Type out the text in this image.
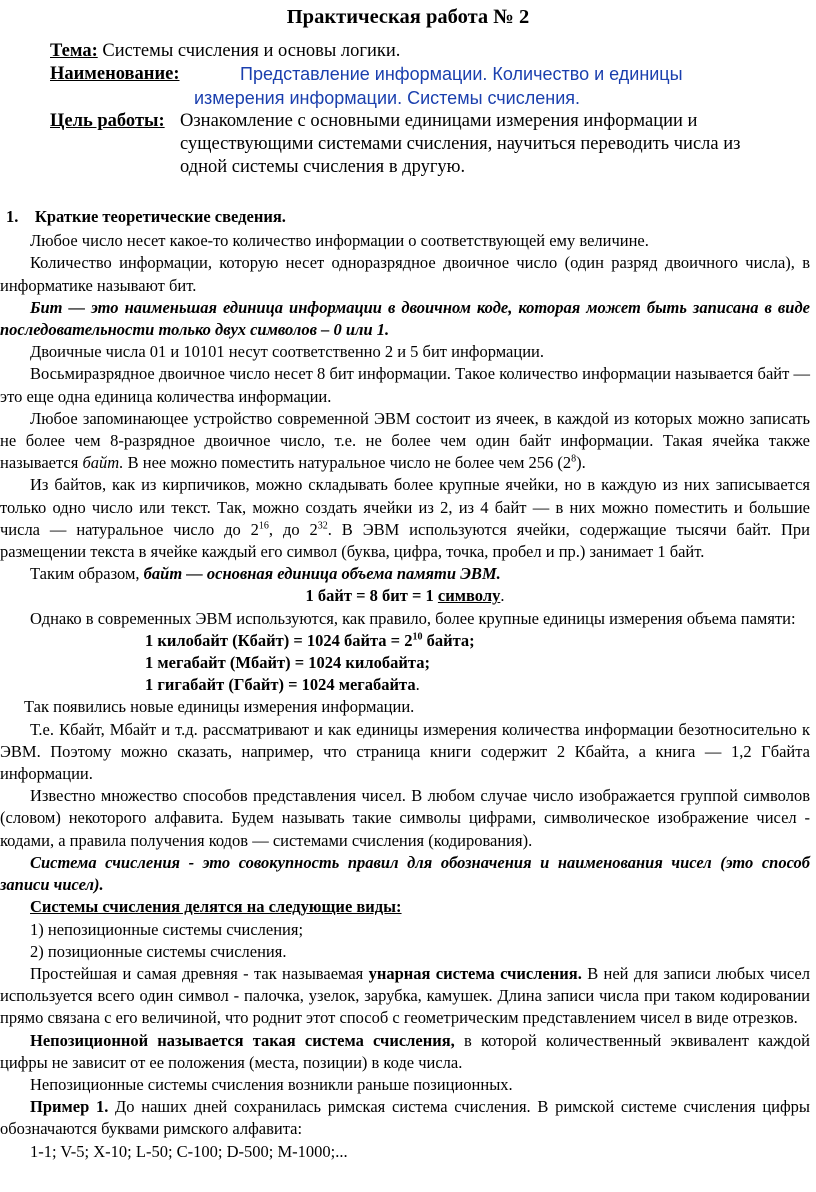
Практическая работа № 2
Тема: Системы счисления и основы логики.
Наименование:	Представление информации. Количество и единицы
измерения информации. Системы счисления.
Цель работы: Ознакомление с основными единицами измерения информации и
существующими системами счисления, научиться переводить числа из
одной системы счисления в другую.

1. Краткие теоретические сведения.

Любое число несет какое-то количество информации о соответствующей ему величине.

Количество информации, которую несет одноразрядное двоичное число (один разряд двоичного числа), в информатике называют бит.

Бит — это наименьшая единица информации в двоичном коде, которая может быть записана в виде последовательности только двух символов – 0 или 1.

Двоичные числа 01 и 10101 несут соответственно 2 и 5 бит информации.

Восьмиразрядное двоичное число несет 8 бит информации. Такое количество информации называется байт — это еще одна единица количества информации.

Любое запоминающее устройство современной ЭВМ состоит из ячеек, в каждой из которых можно записать не более чем 8-разрядное двоичное число, т.е. не более чем один байт информации. Такая ячейка также называется байт. В нее можно поместить натуральное число не более чем 256 $(2^8)$.

Из байтов, как из кирпичиков, можно складывать более крупные ячейки, но в каждую из них записывается только одно число или текст. Так, можно создать ячейки из 2, из 4 байт — в них можно поместить и большие числа — натуральное число до $2^{16}$, до $2^{32}$. В ЭВМ используются ячейки, содержащие тысячи байт. При размещении текста в ячейке каждый его символ (буква, цифра, точка, пробел и пр.) занимает 1 байт.

Таким образом, байт — основная единица объема памяти ЭВМ.

1 байт = 8 бит = 1 символу.

Однако в современных ЭВМ используются, как правило, более крупные единицы измерения объема памяти:

1 килобайт (Кбайт) = 1024 байта = $2^{10}$ байта;

1 мегабайт (Мбайт) = 1024 килобайта;

1 гигабайт (Гбайт) = 1024 мегабайта.

Так появились новые единицы измерения информации.

Т.е. Кбайт, Мбайт и т.д. рассматривают и как единицы измерения количества информации безотносительно к ЭВМ. Поэтому можно сказать, например, что страница книги содержит 2 Кбайта, а книга — 1,2 Гбайта информации.

Известно множество способов представления чисел. В любом случае число изображается группой символов (словом) некоторого алфавита. Будем называть такие символы цифрами, символическое изображение чисел - кодами, а правила получения кодов — системами счисления (кодирования).

Система счисления - это совокупность правил для обозначения и наименования чисел (это способ записи чисел).

Системы счисления делятся на следующие виды:

1) непозиционные системы счисления;

2) позиционные системы счисления.

Простейшая и самая древняя - так называемая унарная система счисления. В ней для записи любых чисел используется всего один символ - палочка, узелок, зарубка, камушек. Длина записи числа при таком кодировании прямо связана с его величиной, что роднит этот способ с геометрическим представлением чисел в виде отрезков.

Непозиционной называется такая система счисления, в которой количественный эквивалент каждой цифры не зависит от ее положения (места, позиции) в коде числа.

Непозиционные системы счисления возникли раньше позиционных.

Пример 1. До наших дней сохранилась римская система счисления. В римской системе счисления цифры обозначаются буквами римского алфавита:

1-1; V-5; X-10; L-50; C-100; D-500; M-1000;...
